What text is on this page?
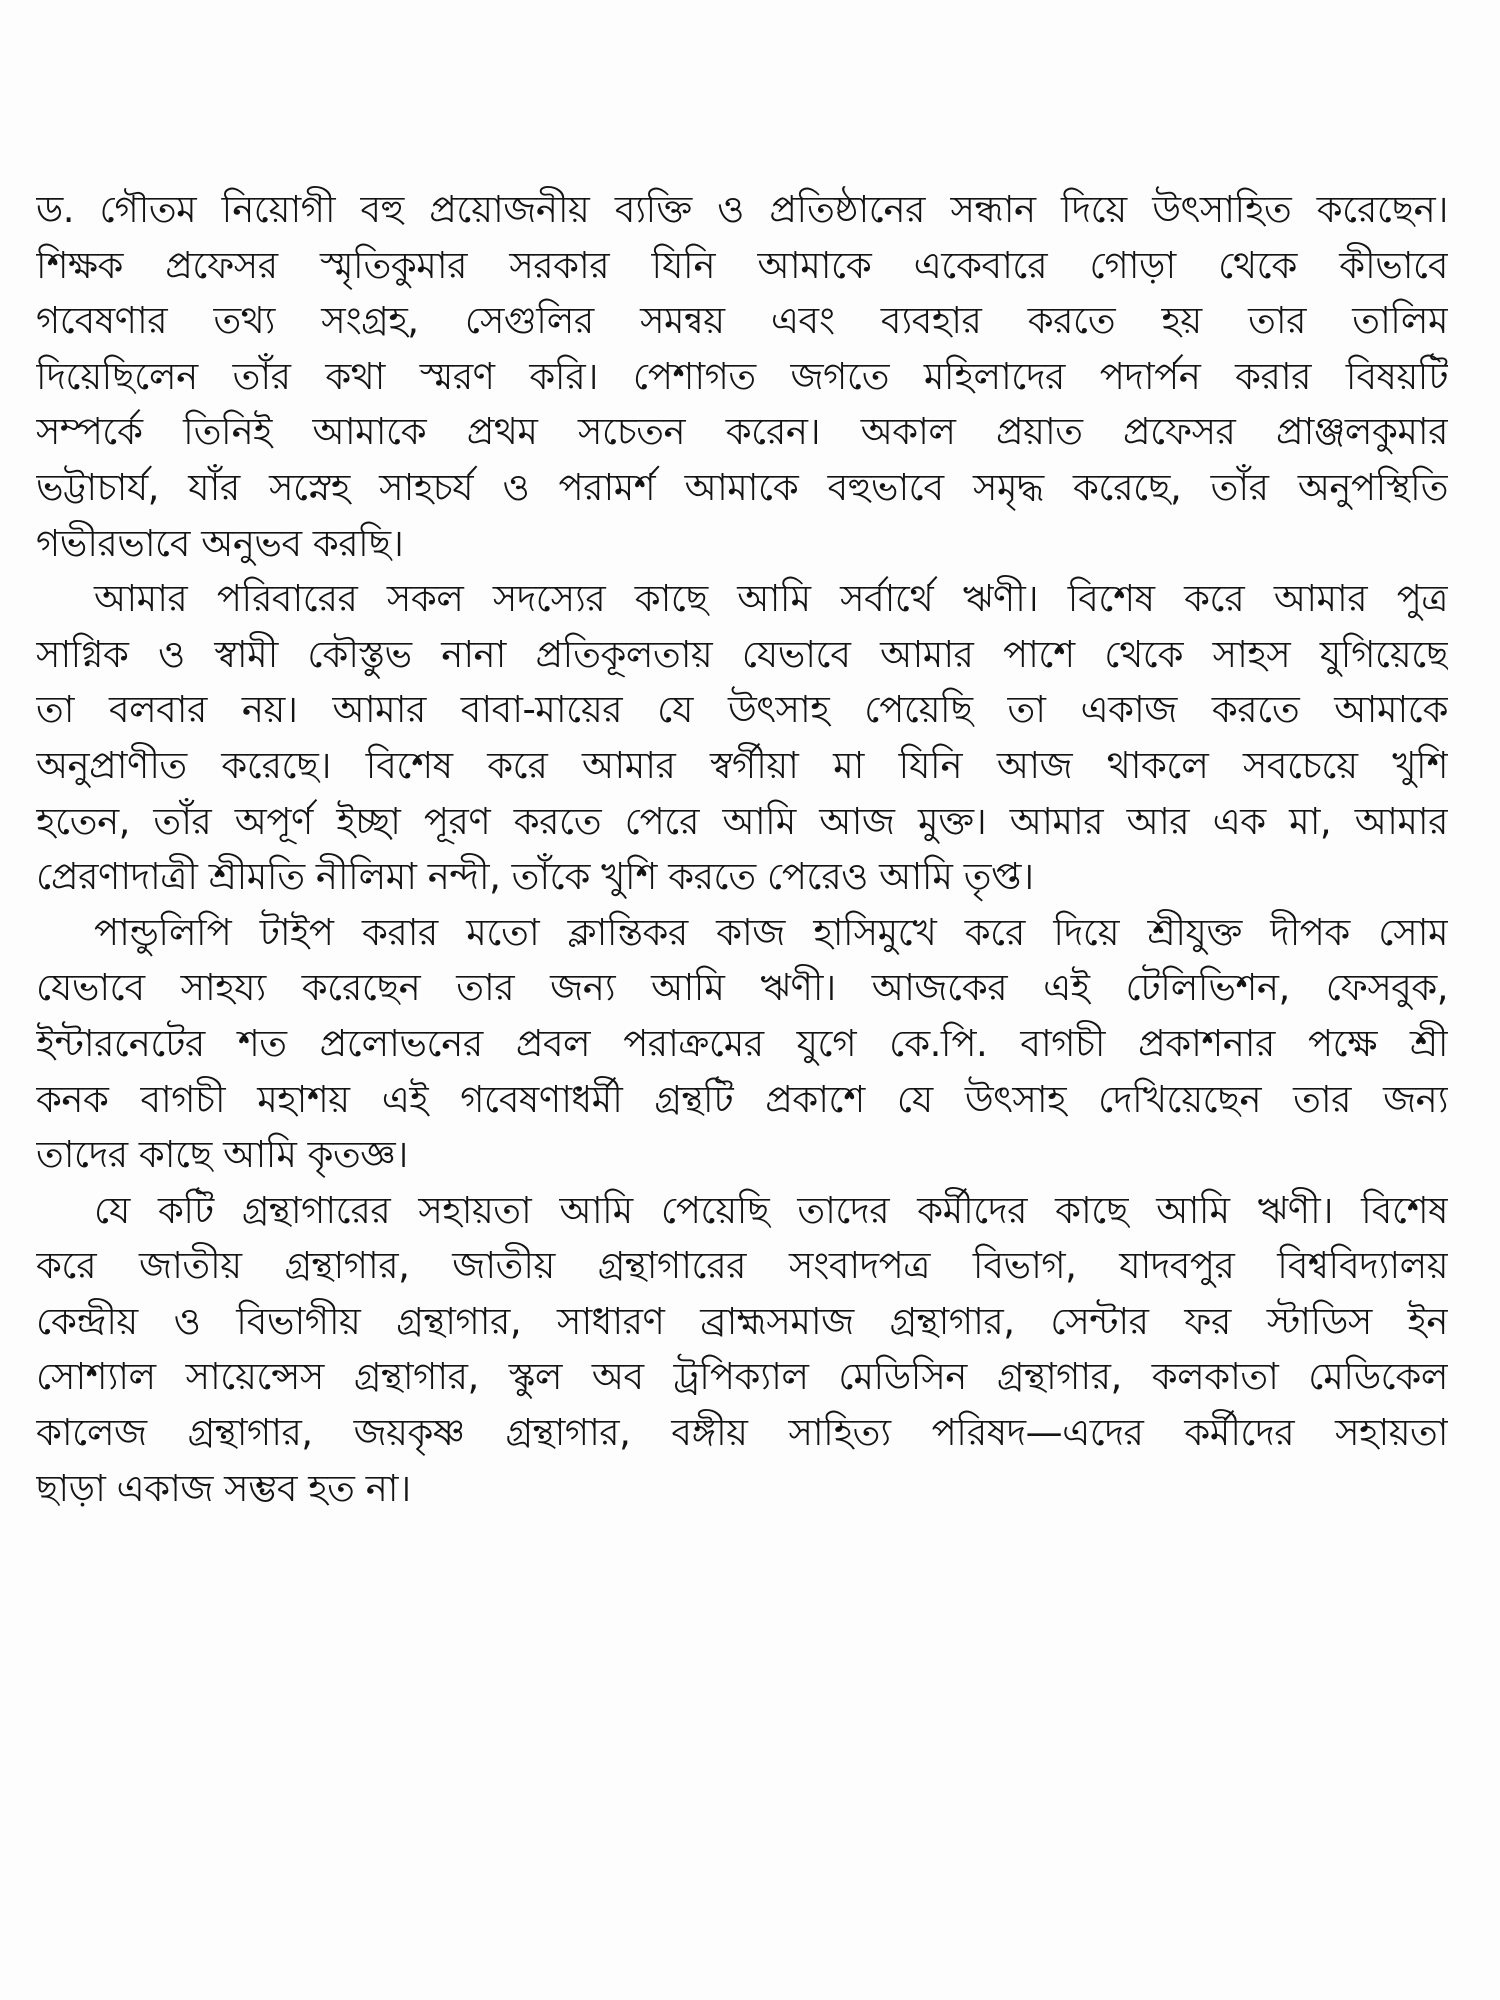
ড. গৌতম নিয়োগী বহু প্রয়োজনীয় ব্যক্তি ও প্রতিষ্ঠানের সন্ধান দিয়ে উৎসাহিত করেছেন।
শিক্ষক প্রফেসর স্মৃতিকুমার সরকার যিনি আমাকে একেবারে গোড়া থেকে কীভাবে
গবেষণার তথ্য সংগ্রহ, সেগুলির সমন্বয় এবং ব্যবহার করতে হয় তার তালিম
দিয়েছিলেন তাঁর কথা স্মরণ করি। পেশাগত জগতে মহিলাদের পদার্পন করার বিষয়টি
সম্পর্কে তিনিই আমাকে প্রথম সচেতন করেন। অকাল প্রয়াত প্রফেসর প্রাঞ্জলকুমার
ভট্টাচার্য, যাঁর সস্নেহ সাহচর্য ও পরামর্শ আমাকে বহুভাবে সমৃদ্ধ করেছে, তাঁর অনুপস্থিতি
গভীরভাবে অনুভব করছি।
আমার পরিবারের সকল সদস্যের কাছে আমি সর্বার্থে ঋণী। বিশেষ করে আমার পুত্র
সাগ্নিক ও স্বামী কৌস্তুভ নানা প্রতিকূলতায় যেভাবে আমার পাশে থেকে সাহস যুগিয়েছে
তা বলবার নয়। আমার বাবা-মায়ের যে উৎসাহ পেয়েছি তা একাজ করতে আমাকে
অনুপ্রাণীত করেছে। বিশেষ করে আমার স্বর্গীয়া মা যিনি আজ থাকলে সবচেয়ে খুশি
হতেন, তাঁর অপূর্ণ ইচ্ছা পূরণ করতে পেরে আমি আজ মুক্ত। আমার আর এক মা, আমার
প্রেরণাদাত্রী শ্রীমতি নীলিমা নন্দী, তাঁকে খুশি করতে পেরেও আমি তৃপ্ত।
পান্ডুলিপি টাইপ করার মতো ক্লান্তিকর কাজ হাসিমুখে করে দিয়ে শ্রীযুক্ত দীপক সোম
যেভাবে সাহয্য করেছেন তার জন্য আমি ঋণী। আজকের এই টেলিভিশন, ফেসবুক,
ইন্টারনেটের শত প্রলোভনের প্রবল পরাক্রমের যুগে কে.পি. বাগচী প্রকাশনার পক্ষে শ্রী
কনক বাগচী মহাশয় এই গবেষণাধর্মী গ্রন্থটি প্রকাশে যে উৎসাহ দেখিয়েছেন তার জন্য
তাদের কাছে আমি কৃতজ্ঞ।
যে কটি গ্রন্থাগারের সহায়তা আমি পেয়েছি তাদের কর্মীদের কাছে আমি ঋণী। বিশেষ
করে জাতীয় গ্রন্থাগার, জাতীয় গ্রন্থাগারের সংবাদপত্র বিভাগ, যাদবপুর বিশ্ববিদ্যালয়
কেন্দ্রীয় ও বিভাগীয় গ্রন্থাগার, সাধারণ ব্রাহ্মসমাজ গ্রন্থাগার, সেন্টার ফর স্টাডিস ইন
সোশ্যাল সায়েন্সেস গ্রন্থাগার, স্কুল অব ট্রপিক্যাল মেডিসিন গ্রন্থাগার, কলকাতা মেডিকেল
কালেজ গ্রন্থাগার, জয়কৃষ্ণ গ্রন্থাগার, বঙ্গীয় সাহিত্য পরিষদ—এদের কর্মীদের সহায়তা
ছাড়া একাজ সম্ভব হত না।
